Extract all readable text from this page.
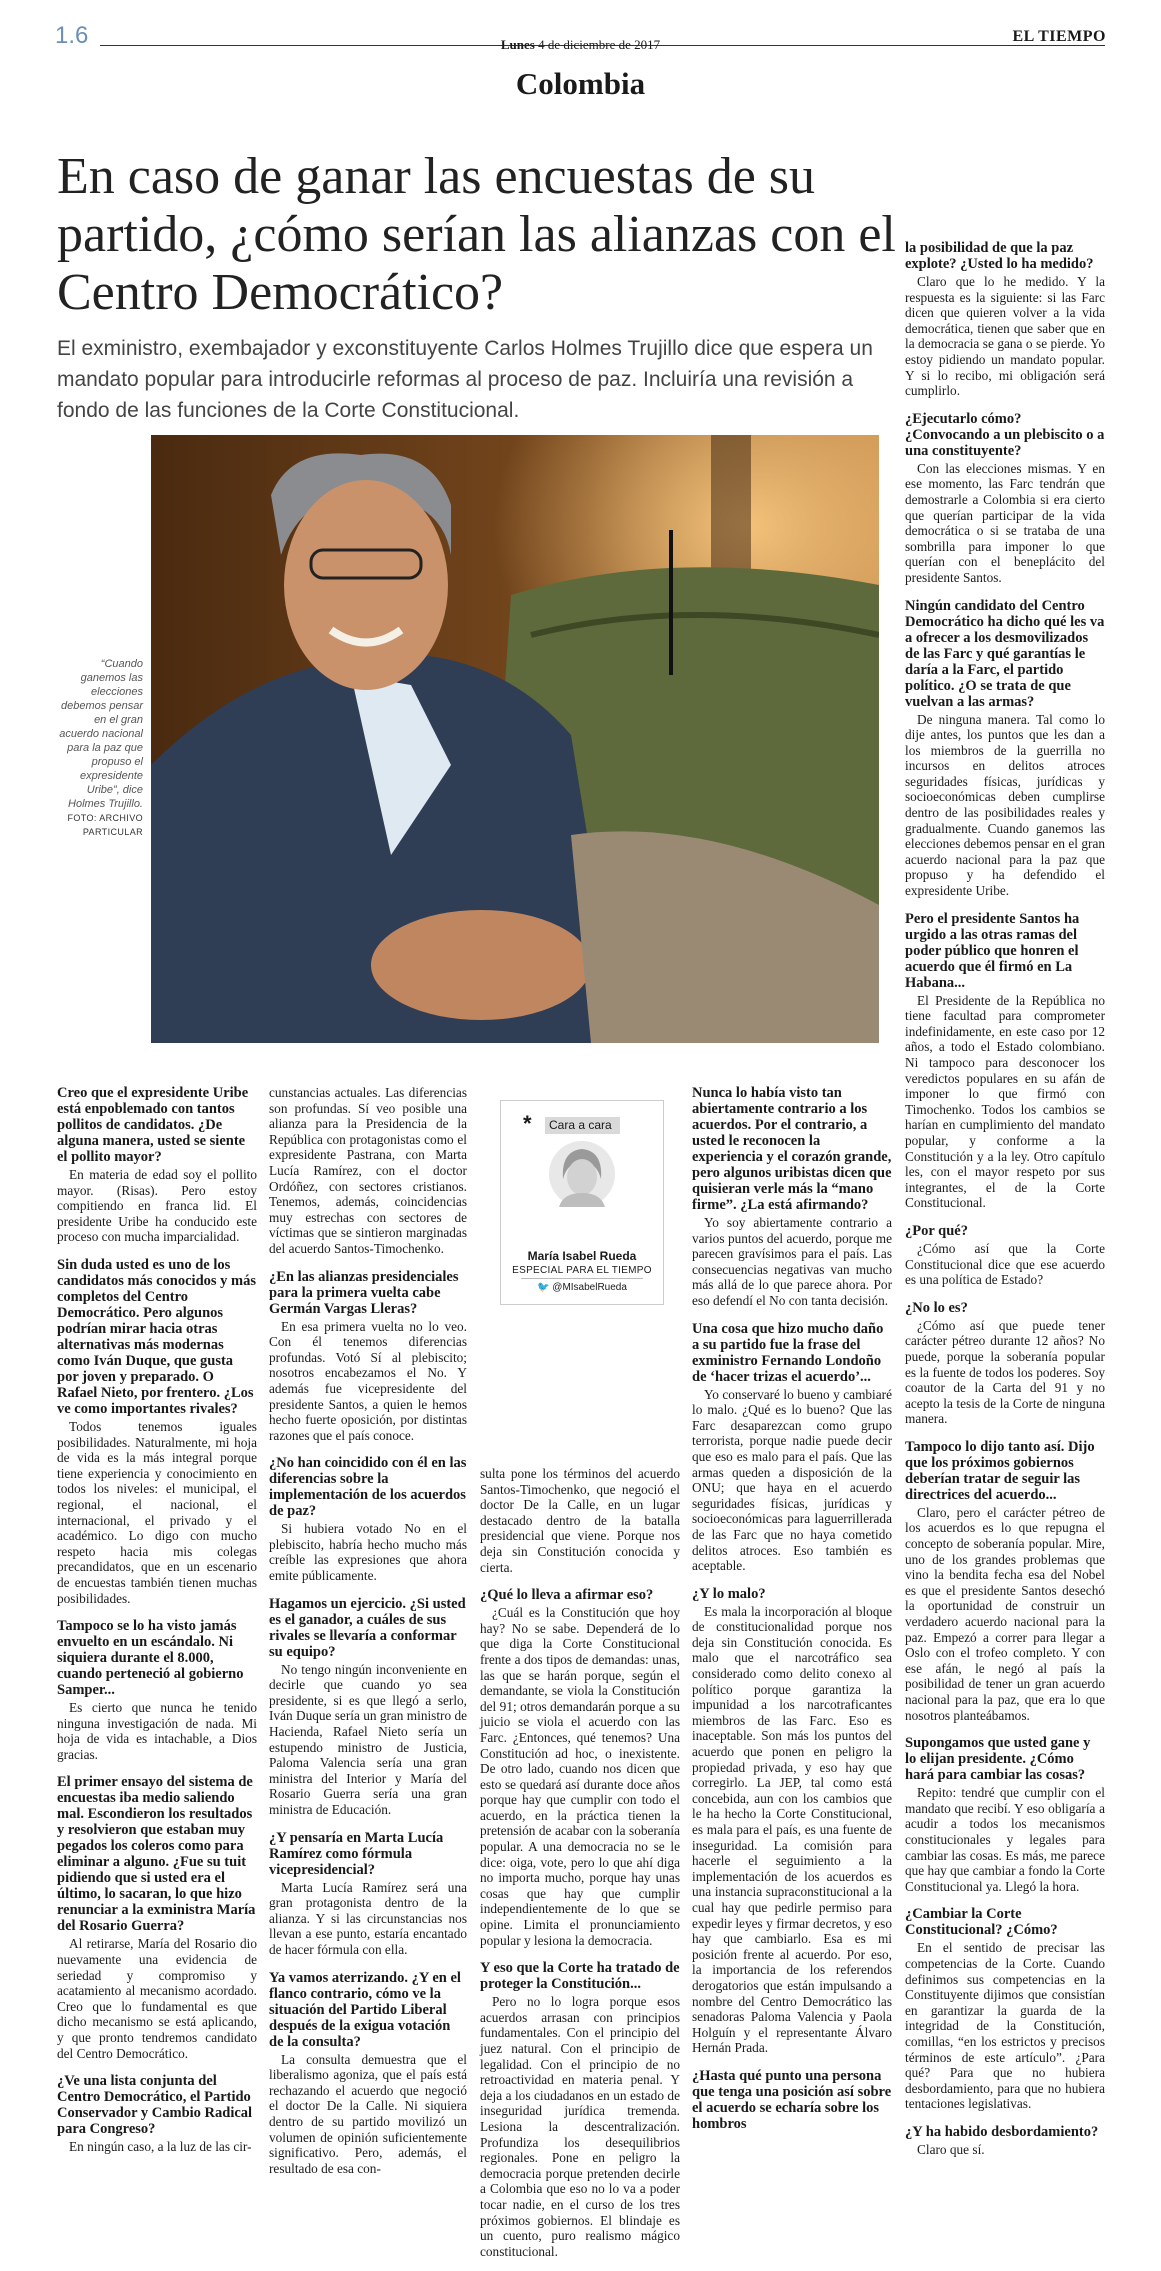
1.6	Lunes 4 de diciembre de 2017	EL TIEMPO
Colombia
En caso de ganar las encuestas de su partido, ¿cómo serían las alianzas con el Centro Democrático?
El exministro, exembajador y exconstituyente Carlos Holmes Trujillo dice que espera un mandato popular para introducirle reformas al proceso de paz. Incluiría una revisión a fondo de las funciones de la Corte Constitucional.
“Cuando ganemos las elecciones debemos pensar en el gran acuerdo nacional para la paz que propuso el expresidente Uribe”, dice Holmes Trujillo. FOTO: ARCHIVO PARTICULAR
*	Cara a cara
María Isabel Rueda
ESPECIAL PARA EL TIEMPO
🐦 @MIsabelRueda
Creo que el expresidente Uribe está enpoblemado con tantos pollitos de candidatos. ¿De alguna manera, usted se siente el pollito mayor?

En materia de edad soy el pollito mayor. (Risas). Pero estoy compitiendo en franca lid. El presidente Uribe ha conducido este proceso con mucha imparcialidad.

Sin duda usted es uno de los candidatos más conocidos y más completos del Centro Democrático. Pero algunos podrían mirar hacia otras alternativas más modernas como Iván Duque, que gusta por joven y preparado. O Rafael Nieto, por frentero. ¿Los ve como importantes rivales?

Todos tenemos iguales posibilidades. Naturalmente, mi hoja de vida es la más integral porque tiene experiencia y conocimiento en todos los niveles: el municipal, el regional, el nacional, el internacional, el privado y el académico. Lo digo con mucho respeto hacia mis colegas precandidatos, que en un escenario de encuestas también tienen muchas posibilidades.

Tampoco se lo ha visto jamás envuelto en un escándalo. Ni siquiera durante el 8.000, cuando perteneció al gobierno Samper...

Es cierto que nunca he tenido ninguna investigación de nada. Mi hoja de vida es intachable, a Dios gracias.

El primer ensayo del sistema de encuestas iba medio saliendo mal. Escondieron los resultados y resolvieron que estaban muy pegados los coleros como para eliminar a alguno. ¿Fue su tuit pidiendo que si usted era el último, lo sacaran, lo que hizo renunciar a la exministra María del Rosario Guerra?

Al retirarse, María del Rosario dio nuevamente una evidencia de seriedad y compromiso y acatamiento al mecanismo acordado. Creo que lo fundamental es que dicho mecanismo se está aplicando, y que pronto tendremos candidato del Centro Democrático.

¿Ve una lista conjunta del Centro Democrático, el Partido Conservador y Cambio Radical para Congreso?

En ningún caso, a la luz de las cir-

cunstancias actuales. Las diferencias son profundas. Sí veo posible una alianza para la Presidencia de la República con protagonistas como el expresidente Pastrana, con Marta Lucía Ramírez, con el doctor Ordóñez, con sectores cristianos. Tenemos, además, coincidencias muy estrechas con sectores de víctimas que se sintieron marginadas del acuerdo Santos-Timochenko.

¿En las alianzas presidenciales para la primera vuelta cabe Germán Vargas Lleras?

En esa primera vuelta no lo veo. Con él tenemos diferencias profundas. Votó Sí al plebiscito; nosotros encabezamos el No. Y además fue vicepresidente del presidente Santos, a quien le hemos hecho fuerte oposición, por distintas razones que el país conoce.

¿No han coincidido con él en las diferencias sobre la implementación de los acuerdos de paz?

Si hubiera votado No en el plebiscito, habría hecho mucho más creíble las expresiones que ahora emite públicamente.

Hagamos un ejercicio. ¿Si usted es el ganador, a cuáles de sus rivales se llevaría a conformar su equipo?

No tengo ningún inconveniente en decirle que cuando yo sea presidente, si es que llegó a serlo, Iván Duque sería un gran ministro de Hacienda, Rafael Nieto sería un estupendo ministro de Justicia, Paloma Valencia sería una gran ministra del Interior y María del Rosario Guerra sería una gran ministra de Educación.

¿Y pensaría en Marta Lucía Ramírez como fórmula vicepresidencial?

Marta Lucía Ramírez será una gran protagonista dentro de la alianza. Y si las circunstancias nos llevan a ese punto, estaría encantado de hacer fórmula con ella.

Ya vamos aterrizando. ¿Y en el flanco contrario, cómo ve la situación del Partido Liberal después de la exigua votación de la consulta?

La consulta demuestra que el liberalismo agoniza, que el país está rechazando el acuerdo que negoció el doctor De la Calle. Ni siquiera dentro de su partido movilizó un volumen de opinión suficientemente significativo. Pero, además, el resultado de esa con-

sulta pone los términos del acuerdo Santos-Timochenko, que negoció el doctor De la Calle, en un lugar destacado dentro de la batalla presidencial que viene. Porque nos deja sin Constitución conocida y cierta.

¿Qué lo lleva a afirmar eso?

¿Cuál es la Constitución que hoy hay? No se sabe. Dependerá de lo que diga la Corte Constitucional frente a dos tipos de demandas: unas, las que se harán porque, según el demandante, se viola la Constitución del 91; otros demandarán porque a su juicio se viola el acuerdo con las Farc. ¿Entonces, qué tenemos? Una Constitución ad hoc, o inexistente. De otro lado, cuando nos dicen que esto se quedará así durante doce años porque hay que cumplir con todo el acuerdo, en la práctica tienen la pretensión de acabar con la soberanía popular. A una democracia no se le dice: oiga, vote, pero lo que ahí diga no importa mucho, porque hay unas cosas que hay que cumplir independientemente de lo que se opine. Limita el pronunciamiento popular y lesiona la democracia.

Y eso que la Corte ha tratado de proteger la Constitución...

Pero no lo logra porque esos acuerdos arrasan con principios fundamentales. Con el principio del juez natural. Con el principio de legalidad. Con el principio de no retroactividad en materia penal. Y deja a los ciudadanos en un estado de inseguridad jurídica tremenda. Lesiona la descentralización. Profundiza los desequilibrios regionales. Pone en peligro la democracia porque pretenden decirle a Colombia que eso no lo va a poder tocar nadie, en el curso de los tres próximos gobiernos. El blindaje es un cuento, puro realismo mágico constitucional.

Nunca lo había visto tan abiertamente contrario a los acuerdos. Por el contrario, a usted le reconocen la experiencia y el corazón grande, pero algunos uribistas dicen que quisieran verle más la “mano firme”. ¿La está afirmando?

Yo soy abiertamente contrario a varios puntos del acuerdo, porque me parecen gravísimos para el país. Las consecuencias negativas van mucho más allá de lo que parece ahora. Por eso defendí el No con tanta decisión.

Una cosa que hizo mucho daño a su partido fue la frase del exministro Fernando Londoño de ‘hacer trizas el acuerdo’...

Yo conservaré lo bueno y cambiaré lo malo. ¿Qué es lo bueno? Que las Farc desaparezcan como grupo terrorista, porque nadie puede decir que eso es malo para el país. Que las armas queden a disposición de la ONU; que haya en el acuerdo seguridades físicas, jurídicas y socioeconómicas para laguerrillerada de las Farc que no haya cometido delitos atroces. Eso también es aceptable.

¿Y lo malo?

Es mala la incorporación al bloque de constitucionalidad porque nos deja sin Constitución conocida. Es malo que el narcotráfico sea considerado como delito conexo al político porque garantiza la impunidad a los narcotraficantes miembros de las Farc. Eso es inaceptable. Son más los puntos del acuerdo que ponen en peligro la propiedad privada, y eso hay que corregirlo. La JEP, tal como está concebida, aun con los cambios que le ha hecho la Corte Constitucional, es mala para el país, es una fuente de inseguridad. La comisión para hacerle el seguimiento a la implementación de los acuerdos es una instancia supraconstitucional a la cual hay que pedirle permiso para expedir leyes y firmar decretos, y eso hay que cambiarlo. Esa es mi posición frente al acuerdo. Por eso, la importancia de los referendos derogatorios que están impulsando a nombre del Centro Democrático las senadoras Paloma Valencia y Paola Holguín y el representante Álvaro Hernán Prada.

¿Hasta qué punto una persona que tenga una posición así sobre el acuerdo se echaría sobre los hombros
la posibilidad de que la paz explote? ¿Usted lo ha medido?

Claro que lo he medido. Y la respuesta es la siguiente: si las Farc dicen que quieren volver a la vida democrática, tienen que saber que en la democracia se gana o se pierde. Yo estoy pidiendo un mandato popular. Y si lo recibo, mi obligación será cumplirlo.

¿Ejecutarlo cómo? ¿Convocando a un plebiscito o a una constituyente?

Con las elecciones mismas. Y en ese momento, las Farc tendrán que demostrarle a Colombia si era cierto que querían participar de la vida democrática o si se trataba de una sombrilla para imponer lo que querían con el beneplácito del presidente Santos.

Ningún candidato del Centro Democrático ha dicho qué les va a ofrecer a los desmovilizados de las Farc y qué garantías le daría a la Farc, el partido político. ¿O se trata de que vuelvan a las armas?

De ninguna manera. Tal como lo dije antes, los puntos que les dan a los miembros de la guerrilla no incursos en delitos atroces seguridades físicas, jurídicas y socioeconómicas deben cumplirse dentro de las posibilidades reales y gradualmente. Cuando ganemos las elecciones debemos pensar en el gran acuerdo nacional para la paz que propuso y ha defendido el expresidente Uribe.

Pero el presidente Santos ha urgido a las otras ramas del poder público que honren el acuerdo que él firmó en La Habana...

El Presidente de la República no tiene facultad para comprometer indefinidamente, en este caso por 12 años, a todo el Estado colombiano. Ni tampoco para desconocer los veredictos populares en su afán de imponer lo que firmó con Timochenko. Todos los cambios se harían en cumplimiento del mandato popular, y conforme a la Constitución y a la ley. Otro capítulo les, con el mayor respeto por sus integrantes, el de la Corte Constitucional.

¿Por qué?

¿Cómo así que la Corte Constitucional dice que ese acuerdo es una política de Estado?

¿No lo es?

¿Cómo así que puede tener carácter pétreo durante 12 años? No puede, porque la soberanía popular es la fuente de todos los poderes. Soy coautor de la Carta del 91 y no acepto la tesis de la Corte de ninguna manera.

Tampoco lo dijo tanto así. Dijo que los próximos gobiernos deberían tratar de seguir las directrices del acuerdo...

Claro, pero el carácter pétreo de los acuerdos es lo que repugna el concepto de soberanía popular. Mire, uno de los grandes problemas que vino la bendita fecha esa del Nobel es que el presidente Santos desechó la oportunidad de construir un verdadero acuerdo nacional para la paz. Empezó a correr para llegar a Oslo con el trofeo completo. Y con ese afán, le negó al país la posibilidad de tener un gran acuerdo nacional para la paz, que era lo que nosotros planteábamos.

Supongamos que usted gane y lo elijan presidente. ¿Cómo hará para cambiar las cosas?

Repito: tendré que cumplir con el mandato que recibí. Y eso obligaría a acudir a todos los mecanismos constitucionales y legales para cambiar las cosas. Es más, me parece que hay que cambiar a fondo la Corte Constitucional ya. Llegó la hora.

¿Cambiar la Corte Constitucional? ¿Cómo?

En el sentido de precisar las competencias de la Corte. Cuando definimos sus competencias en la Constituyente dijimos que consistían en garantizar la guarda de la integridad de la Constitución, comillas, “en los estrictos y precisos términos de este artículo”. ¿Para qué? Para que no hubiera desbordamiento, para que no hubiera tentaciones legislativas.

¿Y ha habido desbordamiento?

Claro que sí.
